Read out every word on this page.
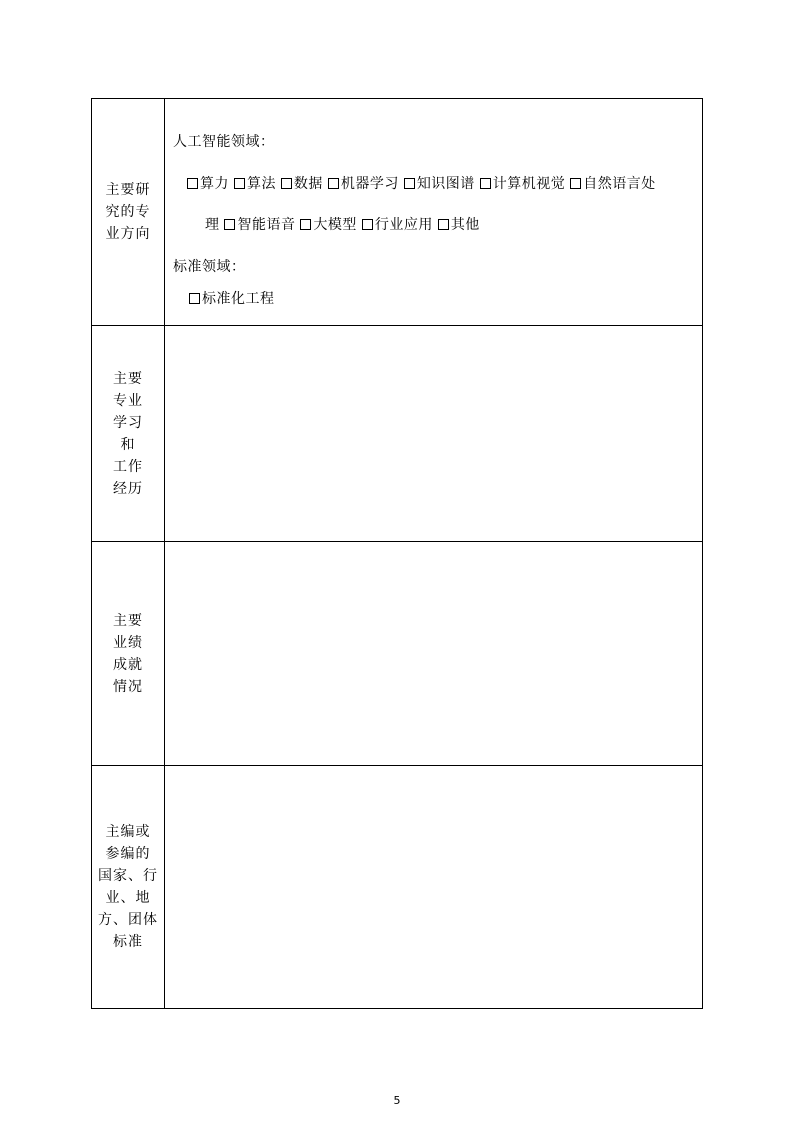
主要研
究的专
业方向
人工智能领域：
算力 算法 数据 机器学习 知识图谱 计算机视觉 自然语言处
理 智能语音 大模型 行业应用 其他
标准领域：
标准化工程
主要
专业
学习
和
工作
经历
主要
业绩
成就
情况
主编或
参编的
国家、行
业、地
方、团体
标准
5
